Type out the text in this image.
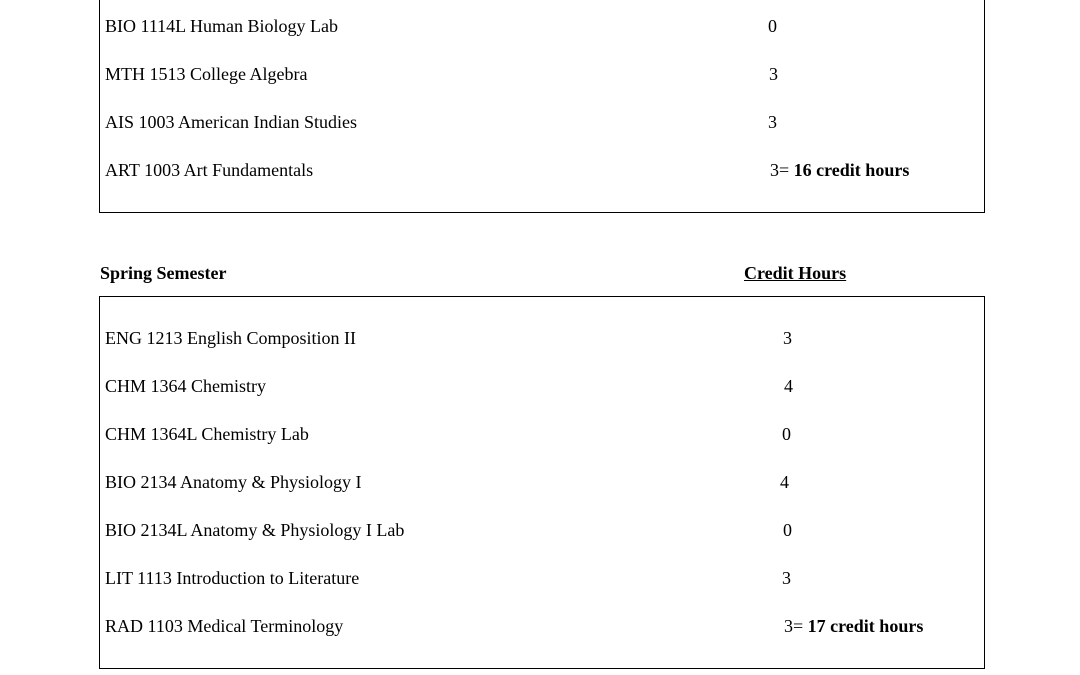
BIO 1114L Human Biology Lab	0
MTH 1513 College Algebra	3
AIS 1003 American Indian Studies	3
ART 1003 Art Fundamentals	3= 16 credit hours
Spring Semester	Credit Hours
ENG 1213 English Composition II	3
CHM 1364 Chemistry	4
CHM 1364L Chemistry Lab	0
BIO 2134 Anatomy & Physiology I	4
BIO 2134L Anatomy & Physiology I Lab	0
LIT 1113 Introduction to Literature	3
RAD 1103 Medical Terminology	3= 17 credit hours
